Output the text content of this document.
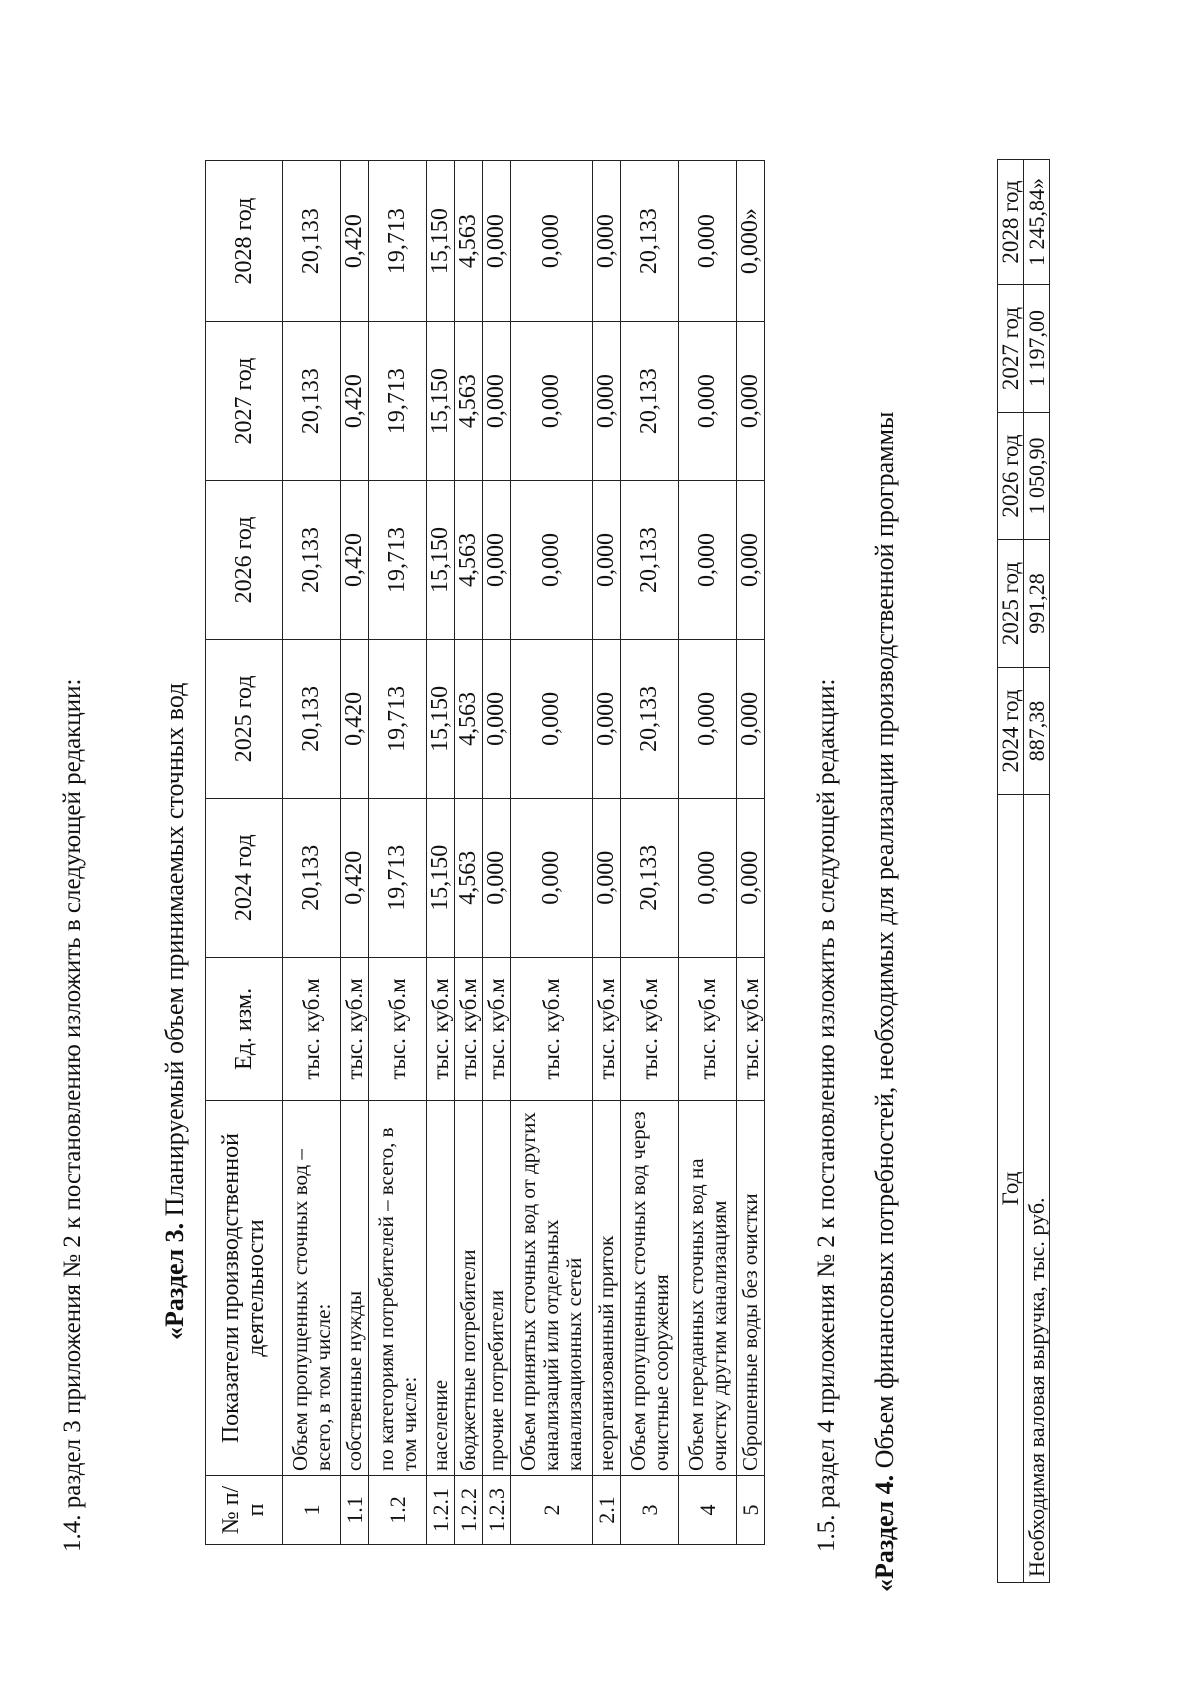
1.4. раздел 3 приложения № 2 к постановлению изложить в следующей редакции:	№ п/п	Показатели производственной деятельности	Ед. изм.	2024 год	2025 год	2026 год	2027 год	2028 год
1	Объем пропущенных сточных вод – всего, в том числе:	тыс. куб.м	20,133	20,133	20,133	20,133	20,133
1.1	собственные нужды	тыс. куб.м	0,420	0,420	0,420	0,420	0,420
1.2	по категориям потребителей – всего, в том числе:	тыс. куб.м	19,713	19,713	19,713	19,713	19,713
1.2.1	население	тыс. куб.м	15,150	15,150	15,150	15,150	15,150
1.2.2	бюджетные потребители	тыс. куб.м	4,563	4,563	4,563	4,563	4,563
1.2.3	прочие потребители	тыс. куб.м	0,000	0,000	0,000	0,000	0,000
2	Объем принятых сточных вод от других канализаций или отдельных канализационных сетей	тыс. куб.м	0,000	0,000	0,000	0,000	0,000
2.1	неорганизованный приток	тыс. куб.м	0,000	0,000	0,000	0,000	0,000
3	Объем пропущенных сточных вод через очистные сооружения	тыс. куб.м	20,133	20,133	20,133	20,133	20,133
4	Объем переданных сточных вод на очистку другим канализациям	тыс. куб.м	0,000	0,000	0,000	0,000	0,000
5	Сброшенные воды без очистки	тыс. куб.м	0,000	0,000	0,000	0,000	0,000»
1.5. раздел 4 приложения № 2 к постановлению изложить в следующей редакции: «Раздел 4. Объем финансовых потребностей, необходимых для реализации производственной программы	Год	2024 год	2025 год	2026 год	2027 год	2028 год
Необходимая валовая выручка, тыс. руб.	887,38	991,28	1 050,90	1 197,00	1 245,84»
«Раздел 3. Планируемый объем принимаемых сточных вод
